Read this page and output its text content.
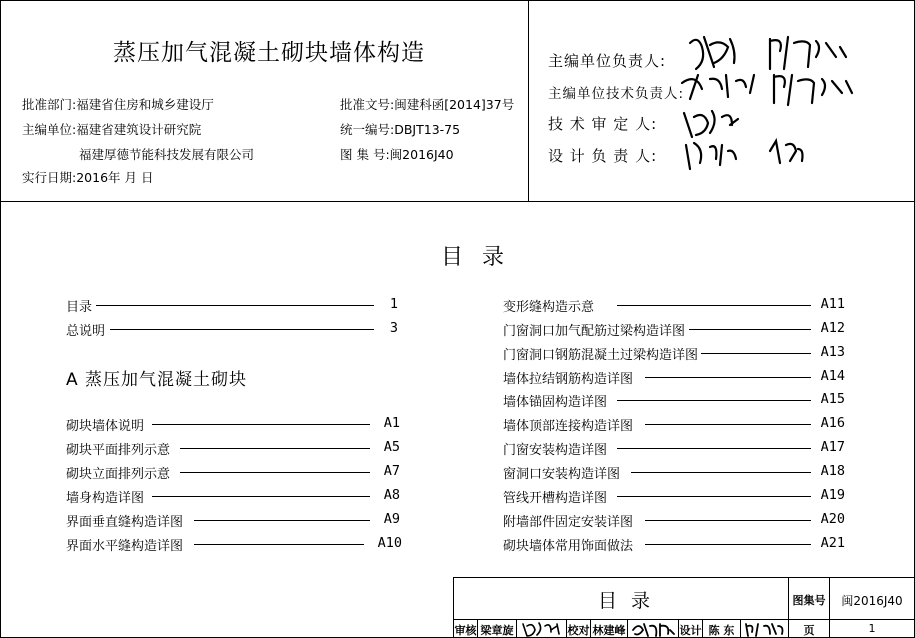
蒸压加气混凝土砌块墙体构造
批准部门:福建省住房和城乡建设厅
主编单位:福建省建筑设计研究院
福建厚德节能科技发展有限公司
实行日期:2016年 月 日
批准文号:闽建科函[2014]37号
统一编号:DBJT13-75
图 集 号:闽2016J40
主编单位负责人:
主编单位技术负责人:
技 术 审 定 人:
设 计 负 责 人:
目 录
目录	1
总说明	3
A 蒸压加气混凝土砌块
砌块墙体说明	A1
砌块平面排列示意	A5
砌块立面排列示意	A7
墙身构造详图	A8
界面垂直缝构造详图	A9
界面水平缝构造详图	A10
变形缝构造示意	A11
门窗洞口加气配筋过梁构造详图	A12
门窗洞口钢筋混凝土过梁构造详图	A13
墙体拉结钢筋构造详图	A14
墙体锚固构造详图	A15
墙体顶部连接构造详图	A16
门窗安装构造详图	A17
窗洞口安装构造详图	A18
管线开槽构造详图	A19
附墙部件固定安装详图	A20
砌块墙体常用饰面做法	A21
目 录	图集号	闽2016J40
审核 梁章旋	校对 林建峰	设计 陈 东	页	1
